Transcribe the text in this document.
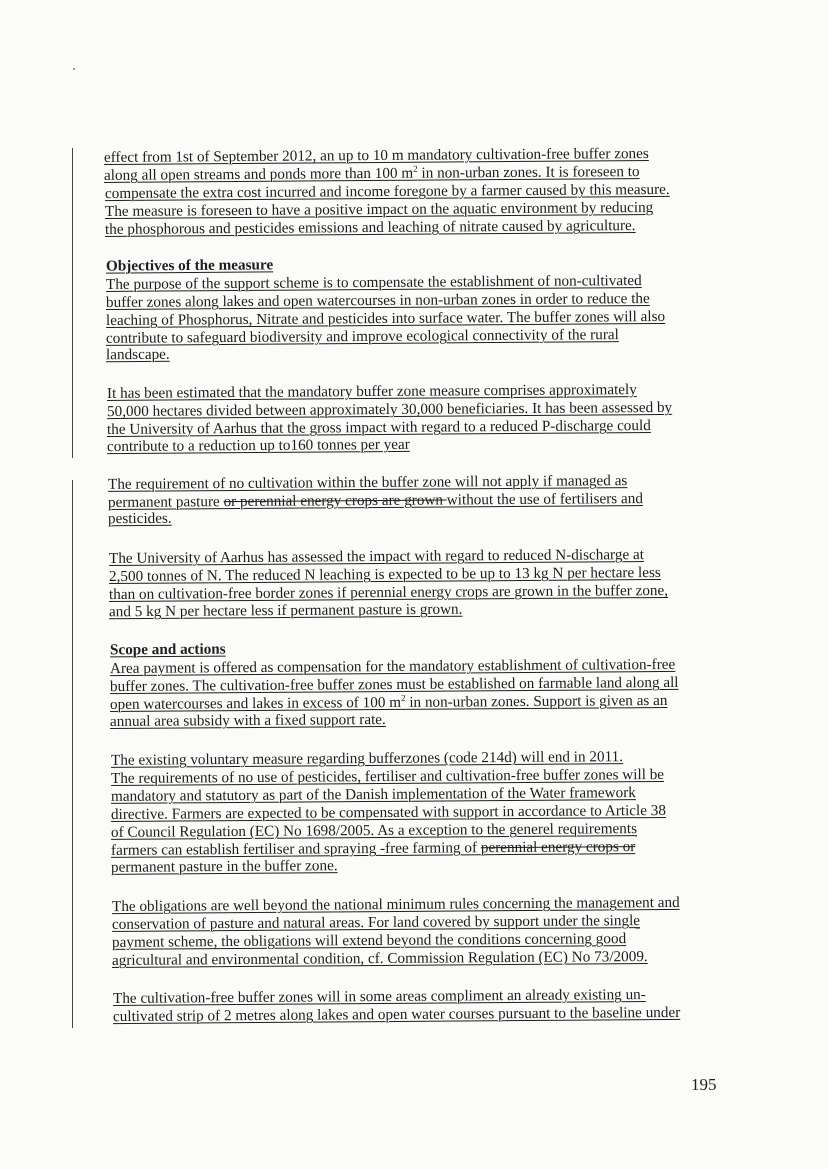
effect from 1st of September 2012, an up to 10 m mandatory cultivation-free buffer zones
along all open streams and ponds more than 100 $m^2$ in non-urban zones. It is foreseen to
compensate the extra cost incurred and income foregone by a farmer caused by this measure.
The measure is foreseen to have a positive impact on the aquatic environment by reducing
the phosphorous and pesticides emissions and leaching of nitrate caused by agriculture.
Objectives of the measure
The purpose of the support scheme is to compensate the establishment of non-cultivated
buffer zones along lakes and open watercourses in non-urban zones in order to reduce the
leaching of Phosphorus, Nitrate and pesticides into surface water. The buffer zones will also
contribute to safeguard biodiversity and improve ecological connectivity of the rural
landscape.
It has been estimated that the mandatory buffer zone measure comprises approximately
50,000 hectares divided between approximately 30,000 beneficiaries. It has been assessed by
the University of Aarhus that the gross impact with regard to a reduced P-discharge could
contribute to a reduction up to160 tonnes per year
The requirement of no cultivation within the buffer zone will not apply if managed as
permanent pasture or perennial energy crops are grown without the use of fertilisers and
pesticides.
The University of Aarhus has assessed the impact with regard to reduced N-discharge at
2,500 tonnes of N. The reduced N leaching is expected to be up to 13 kg N per hectare less
than on cultivation-free border zones if perennial energy crops are grown in the buffer zone,
and 5 kg N per hectare less if permanent pasture is grown.
Scope and actions
Area payment is offered as compensation for the mandatory establishment of cultivation-free
buffer zones. The cultivation-free buffer zones must be established on farmable land along all
open watercourses and lakes in excess of 100 $m^2$ in non-urban zones. Support is given as an
annual area subsidy with a fixed support rate.
The existing voluntary measure regarding bufferzones (code 214d) will end in 2011.
The requirements of no use of pesticides, fertiliser and cultivation-free buffer zones will be
mandatory and statutory as part of the Danish implementation of the Water framework
directive. Farmers are expected to be compensated with support in accordance to Article 38
of Council Regulation (EC) No 1698/2005. As a exception to the generel requirements
farmers can establish fertiliser and spraying -free farming of perennial energy crops or
permanent pasture in the buffer zone.
The obligations are well beyond the national minimum rules concerning the management and
conservation of pasture and natural areas. For land covered by support under the single
payment scheme, the obligations will extend beyond the conditions concerning good
agricultural and environmental condition, cf. Commission Regulation (EC) No 73/2009.
The cultivation-free buffer zones will in some areas compliment an already existing un-
cultivated strip of 2 metres along lakes and open water courses pursuant to the baseline under
195
